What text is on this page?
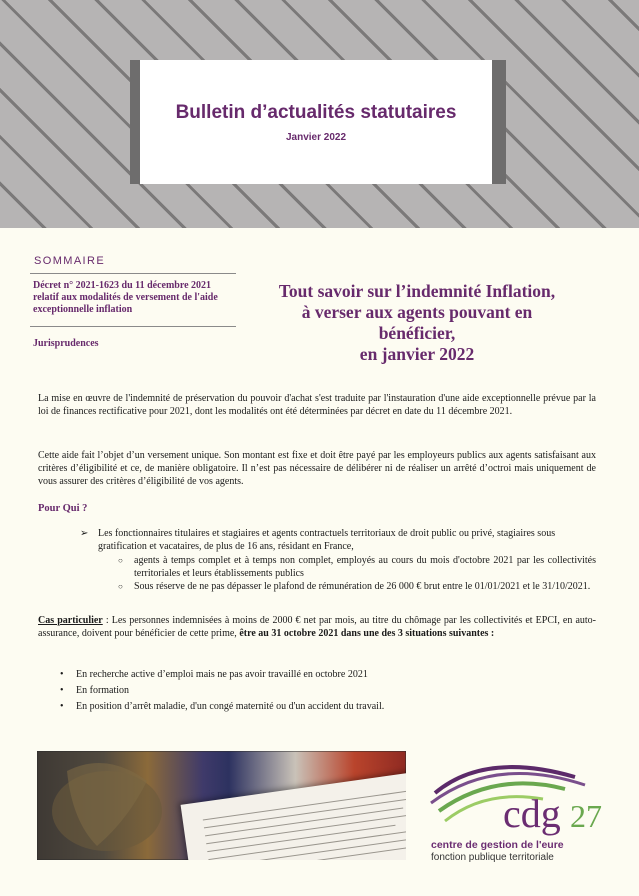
Bulletin d’actualités statutaires
Janvier 2022
SOMMAIRE
Décret n° 2021-1623 du 11 décembre 2021 relatif aux modalités de versement de l'aide exceptionnelle inflation
Jurisprudences
Tout savoir sur l’indemnité Inflation,
à verser aux agents pouvant en
bénéficier,
en janvier 2022
La mise en œuvre de l'indemnité de préservation du pouvoir d'achat s'est traduite par l'instauration d'une aide exceptionnelle prévue par la loi de finances rectificative pour 2021, dont les modalités ont été déterminées par décret en date du 11 décembre 2021.
Cette aide fait l’objet d’un versement unique. Son montant est fixe et doit être payé par les employeurs publics aux agents satisfaisant aux critères d’éligibilité et ce, de manière obligatoire. Il n’est pas nécessaire de délibérer ni de réaliser un arrêté d’octroi mais uniquement de vous assurer des critères d’éligibilité de vos agents.
Pour Qui ?
➢ Les fonctionnaires titulaires et stagiaires et agents contractuels territoriaux de droit public ou privé, stagiaires sous gratification et vacataires, de plus de 16 ans, résidant en France,
○ agents à temps complet et à temps non complet, employés au cours du mois d'octobre 2021 par les collectivités territoriales et leurs établissements publics
○ Sous réserve de ne pas dépasser le plafond de rémunération de 26 000 € brut entre le 01/01/2021 et le 31/10/2021.
Cas particulier : Les personnes indemnisées à moins de 2000 € net par mois, au titre du chômage par les collectivités et EPCI, en auto-assurance, doivent pour bénéficier de cette prime, être au 31 octobre 2021 dans une des 3 situations suivantes :
• En recherche active d’emploi mais ne pas avoir travaillé en octobre 2021
• En formation
• En position d’arrêt maladie, d'un congé maternité ou d'un accident du travail.
cdg 27
centre de gestion de l'eure
fonction publique territoriale
